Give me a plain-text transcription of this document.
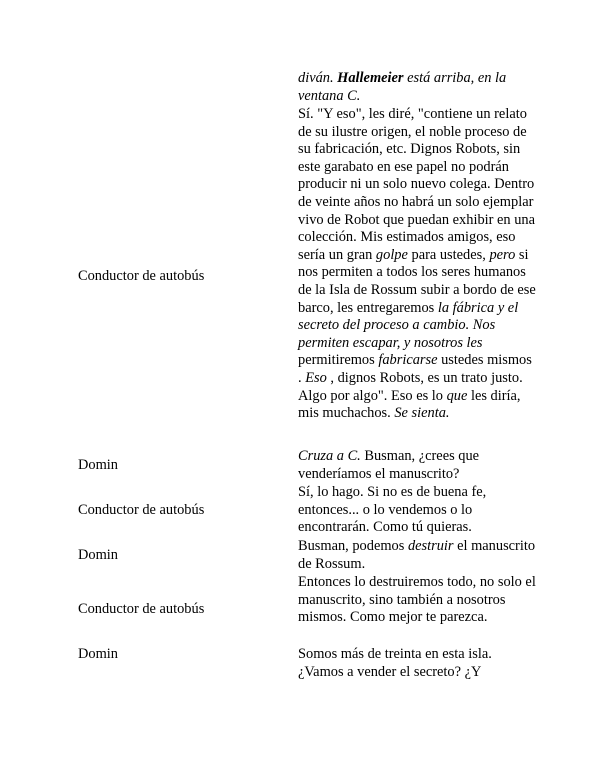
diván. Hallemeier está arriba, en la ventana C.
Conductor de autobús
Sí. "Y eso", les diré, "contiene un relato de su ilustre origen, el noble proceso de su fabricación, etc. Dignos Robots, sin este garabato en ese papel no podrán producir ni un solo nuevo colega. Dentro de veinte años no habrá un solo ejemplar vivo de Robot que puedan exhibir en una colección. Mis estimados amigos, eso sería un gran golpe para ustedes, pero si nos permiten a todos los seres humanos de la Isla de Rossum subir a bordo de ese barco, les entregaremos la fábrica y el secreto del proceso a cambio. Nos permiten escapar, y nosotros les permitiremos fabricarse ustedes mismos . Eso , dignos Robots, es un trato justo. Algo por algo". Eso es lo que les diría, mis muchachos. Se sienta.
Domin
Cruza a C. Busman, ¿crees que venderíamos el manuscrito?
Conductor de autobús
Sí, lo hago. Si no es de buena fe, entonces... o lo vendemos o lo encontrarán. Como tú quieras.
Domin
Busman, podemos destruir el manuscrito de Rossum.
Conductor de autobús
Entonces lo destruiremos todo, no solo el manuscrito, sino también a nosotros mismos. Como mejor te parezca.
Domin	Somos más de treinta en esta isla. ¿Vamos a vender el secreto? ¿Y
